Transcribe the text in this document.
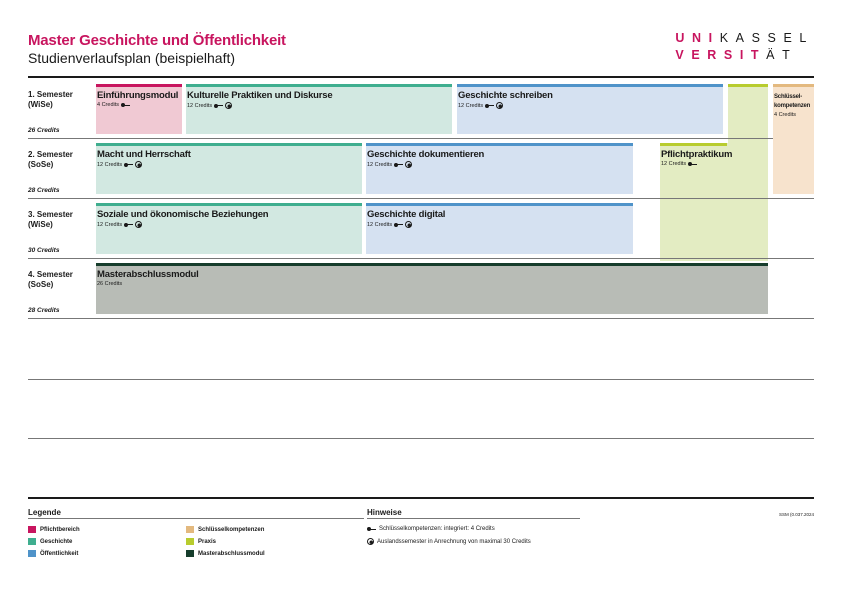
Master Geschichte und Öffentlichkeit
Studienverlaufsplan (beispielhaft)
UNIKASSEL
VERSITÄT
1. Semester
(WiSe)
26 Credits
2. Semester
(SoSe)
28 Credits
3. Semester
(WiSe)
30 Credits
4. Semester
(SoSe)
28 Credits
Einführungsmodul
4 Credits
Kulturelle Praktiken und Diskurse
12 Credits
Geschichte schreiben
12 Credits
Schlüssel-
kompetenzen
4 Credits
Macht und Herrschaft
12 Credits
Geschichte dokumentieren
12 Credits
Pflichtpraktikum
12 Credits
Soziale und ökonomische Beziehungen
12 Credits
Geschichte digital
12 Credits
Masterabschlussmodul
26 Credits
Legende
Pflichtbereich
Geschichte
Öffentlichkeit
Schlüsselkompetenzen
Praxis
Masterabschlussmodul
Hinweise
Schlüsselkompetenzen: integriert: 4 Credits
Auslandssemester in Anrechnung von maximal 30 Credits
SSM (0.037.2024
